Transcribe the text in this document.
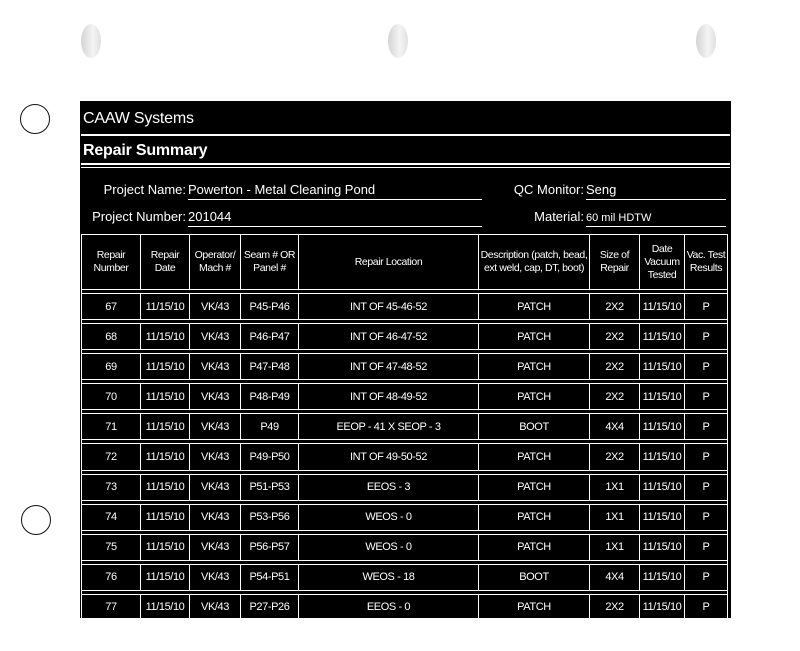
CAAW Systems
Repair Summary
Project Name: Powerton - Metal Cleaning Pond
Project Number: 201044
QC Monitor: Seng
Material: 60 mil HDTW
Repair Number	Repair Date	Operator/ Mach #	Seam # OR Panel #	Repair Location	Description (patch, bead, ext weld, cap, DT, boot)	Size of Repair	Date Vacuum Tested	Vac. Test Results

67	11/15/10	VK/43	P45-P46	INT OF 45-46-52	PATCH	2X2	11/15/10	P

68	11/15/10	VK/43	P46-P47	INT OF 46-47-52	PATCH	2X2	11/15/10	P

69	11/15/10	VK/43	P47-P48	INT OF 47-48-52	PATCH	2X2	11/15/10	P

70	11/15/10	VK/43	P48-P49	INT OF 48-49-52	PATCH	2X2	11/15/10	P

71	11/15/10	VK/43	P49	EEOP - 41 X SEOP - 3	BOOT	4X4	11/15/10	P

72	11/15/10	VK/43	P49-P50	INT OF 49-50-52	PATCH	2X2	11/15/10	P

73	11/15/10	VK/43	P51-P53	EEOS - 3	PATCH	1X1	11/15/10	P

74	11/15/10	VK/43	P53-P56	WEOS - 0	PATCH	1X1	11/15/10	P

75	11/15/10	VK/43	P56-P57	WEOS - 0	PATCH	1X1	11/15/10	P

76	11/15/10	VK/43	P54-P51	WEOS - 18	BOOT	4X4	11/15/10	P

77	11/15/10	VK/43	P27-P26	EEOS - 0	PATCH	2X2	11/15/10	P

78	11/15/10	VK/43	P26-P25	EEOS - 0	PATCH	1X1	11/15/10	P
